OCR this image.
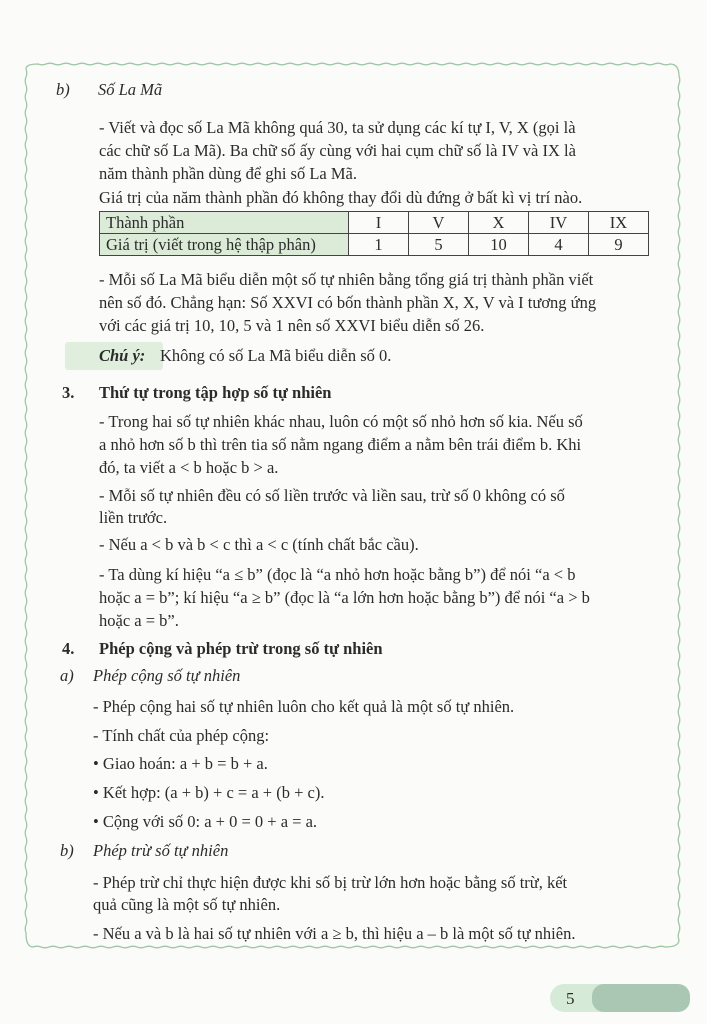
b) Số La Mã
- Viết và đọc số La Mã không quá 30, ta sử dụng các kí tự I, V, X (gọi là
các chữ số La Mã). Ba chữ số ấy cùng với hai cụm chữ số là IV và IX là
năm thành phần dùng để ghi số La Mã.
Giá trị của năm thành phần đó không thay đổi dù đứng ở bất kì vị trí nào.
Thành phần	I	V	X	IV	IX
Giá trị (viết trong hệ thập phân)	1	5	10	4	9
- Mỗi số La Mã biểu diễn một số tự nhiên bằng tổng giá trị thành phần viết
nên số đó. Chẳng hạn: Số XXVI có bốn thành phần X, X, V và I tương ứng
với các giá trị 10, 10, 5 và 1 nên số XXVI biểu diễn số 26.
Chú ý: Không có số La Mã biểu diễn số 0.
3. Thứ tự trong tập hợp số tự nhiên
- Trong hai số tự nhiên khác nhau, luôn có một số nhỏ hơn số kia. Nếu số
a nhỏ hơn số b thì trên tia số nằm ngang điểm a nằm bên trái điểm b. Khi
đó, ta viết a < b hoặc b > a.
- Mỗi số tự nhiên đều có số liền trước và liền sau, trừ số 0 không có số
liền trước.
- Nếu a < b và b < c thì a < c (tính chất bắc cầu).
- Ta dùng kí hiệu “a ≤ b” (đọc là “a nhỏ hơn hoặc bằng b”) để nói “a < b
hoặc a = b”; kí hiệu “a ≥ b” (đọc là “a lớn hơn hoặc bằng b”) để nói “a > b
hoặc a = b”.
4. Phép cộng và phép trừ trong số tự nhiên
a) Phép cộng số tự nhiên
- Phép cộng hai số tự nhiên luôn cho kết quả là một số tự nhiên.
- Tính chất của phép cộng:
• Giao hoán: a + b = b + a.
• Kết hợp: (a + b) + c = a + (b + c).
• Cộng với số 0: a + 0 = 0 + a = a.
b) Phép trừ số tự nhiên
- Phép trừ chỉ thực hiện được khi số bị trừ lớn hơn hoặc bằng số trừ, kết
quả cũng là một số tự nhiên.
- Nếu a và b là hai số tự nhiên với a ≥ b, thì hiệu a – b là một số tự nhiên.
5
